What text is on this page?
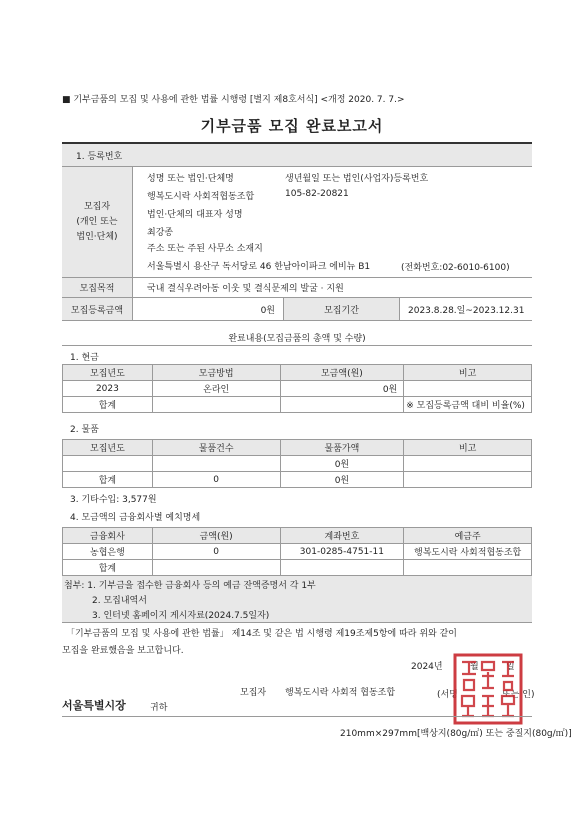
■ 기부금품의 모집 및 사용에 관한 법률 시행령 [별지 제8호서식] <개정 2020. 7. 7.>
기부금품 모집 완료보고서
1. 등록번호
모집자
(개인 또는
법인·단체)
성명 또는 법인·단체명	생년월일 또는 법인(사업자)등록번호
행복도시락 사회적협동조합	105-82-20821
법인·단체의 대표자 성명
최강종
주소 또는 주된 사무소 소재지
서울특별시 용산구 독서당로 46 한남아이파크 에비뉴 B1	(전화번호:02-6010-6100)
모집목적	국내 결식우려아동 이웃 및 결식문제의 발굴 · 지원
모집등록금액	0원	모집기간	2023.8.28.일~2023.12.31
완료내용(모집금품의 총액 및 수량)
1. 현금
모집년도	모금방법	모금액(원)	비고
2023	온라인	0원	
합계			※ 모집등록금액 대비 비율(%)
2. 물품
모집년도	물품건수	물품가액	비고
		0원	
합계	0	0원	
3. 기타수입: 3,577원
4. 모금액의 금융회사별 예치명세
금융회사	금액(원)	계좌번호	예금주
농협은행	0	301-0285-4751-11	행복도시락 사회적협동조합
합계			
첨부: 1. 기부금을 접수한 금융회사 등의 예금 잔액증명서 각 1부
2. 모집내역서
3. 인터넷 홈페이지 게시자료(2024.7.5일자)
「기부금품의 모집 및 사용에 관한 법률」 제14조 및 같은 법 시행령 제19조제5항에 따라 위와 같이
모집을 완료했음을 보고합니다.
2024년	월	일
모집자 행복도시락 사회적 협동조합	(서명	또는 인)
서울특별시장	귀하
210mm×297mm[백상지(80g/㎡) 또는 중질지(80g/㎡)]
